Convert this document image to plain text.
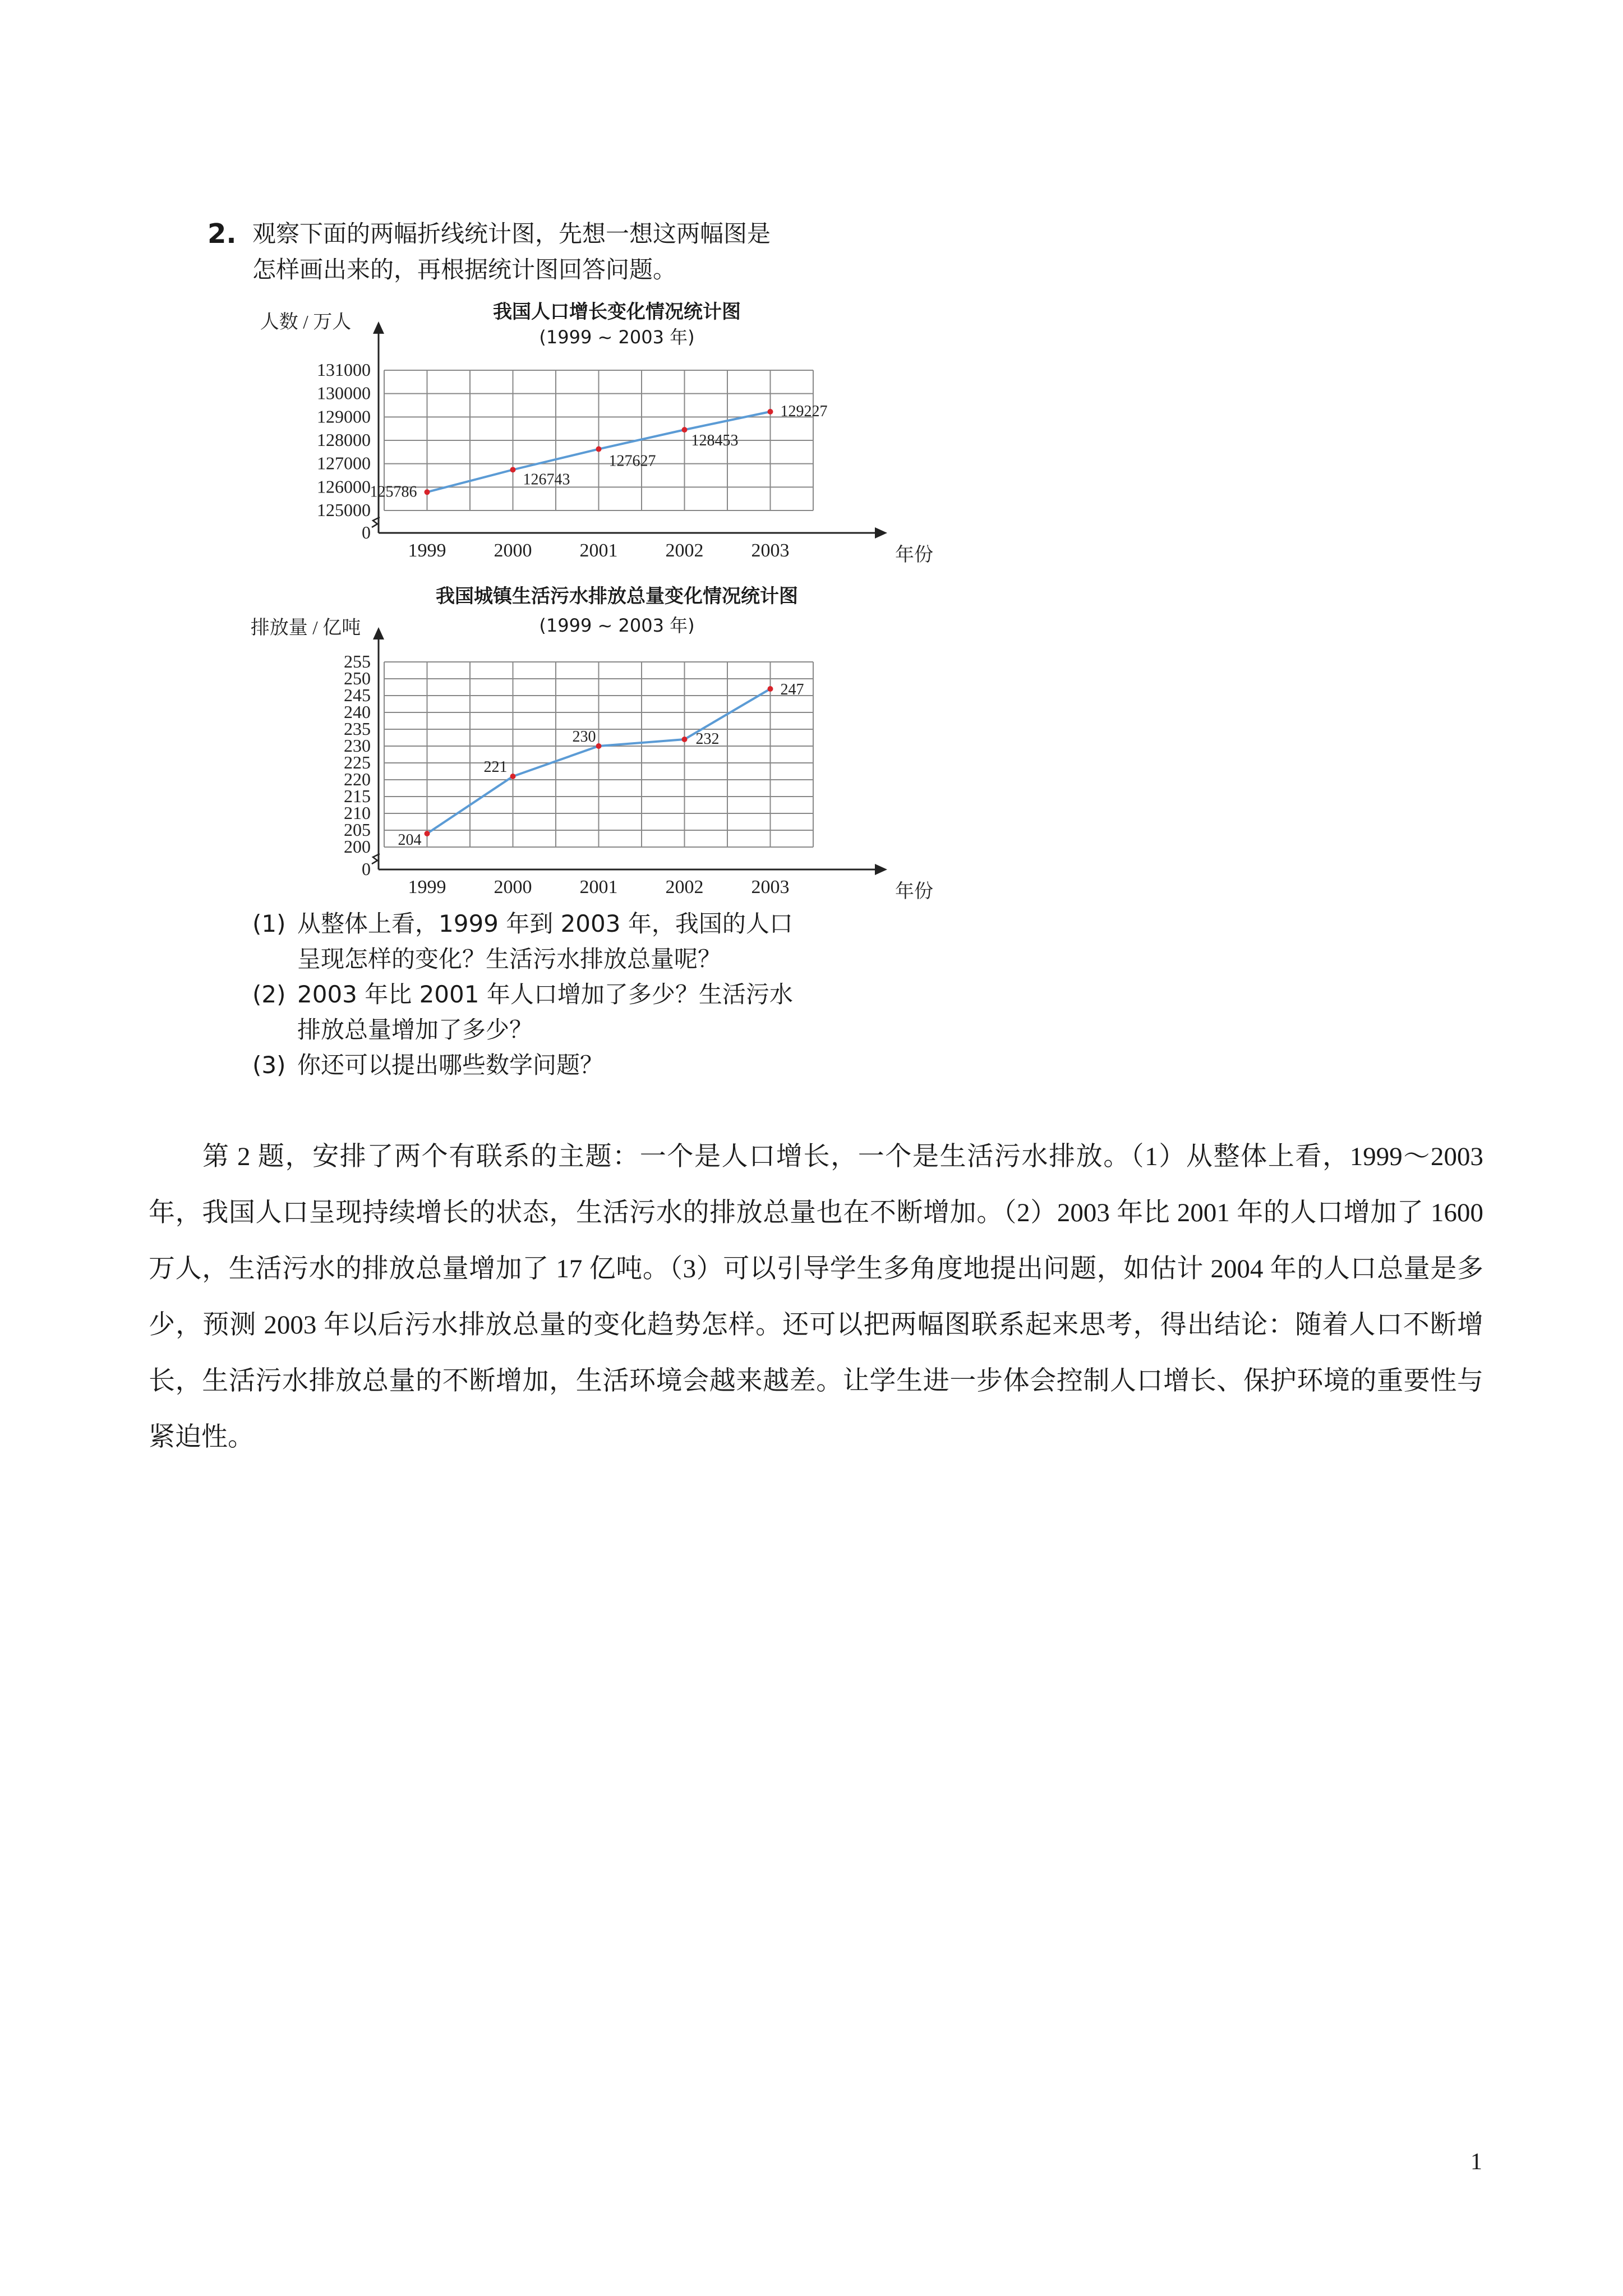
2. 观察下面的两幅折线统计图，先想一想这两幅图是
怎样画出来的，再根据统计图回答问题。
我国人口增长变化情况统计图
(1999 ~ 2003 年)
我国城镇生活污水排放总量变化情况统计图
(1999 ~ 2003 年)
0
125000
126000
127000
128000
129000
130000
131000
1999	2000	2001	2002	2003
人数 / 万人
年份
125786
126743
127627
128453
129227
0
200
205
210
215
220
225
230
235
240
245
250
255
1999	2000	2001	2002	2003
排放量 / 亿吨
年份
204
221
230	232
247
(1) 从整体上看，1999 年到 2003 年，我国的人口
呈现怎样的变化？生活污水排放总量呢？
(2) 2003 年比 2001 年人口增加了多少？生活污水
排放总量增加了多少？
(3) 你还可以提出哪些数学问题？

第 2 题，安排了两个有联系的主题：一个是人口增长，一个是生活污水排放。（1）从整体上看，1999～2003 年，我国人口呈现持续增长的状态，生活污水的排放总量也在不断增加。（2）2003 年比 2001 年的人口增加了 1600 万人，生活污水的排放总量增加了 17 亿吨。（3）可以引导学生多角度地提出问题，如估计 2004 年的人口总量是多少，预测 2003 年以后污水排放总量的变化趋势怎样。还可以把两幅图联系起来思考，得出结论：随着人口不断增长，生活污水排放总量的不断增加，生活环境会越来越差。让学生进一步体会控制人口增长、保护环境的重要性与紧迫性。

1
